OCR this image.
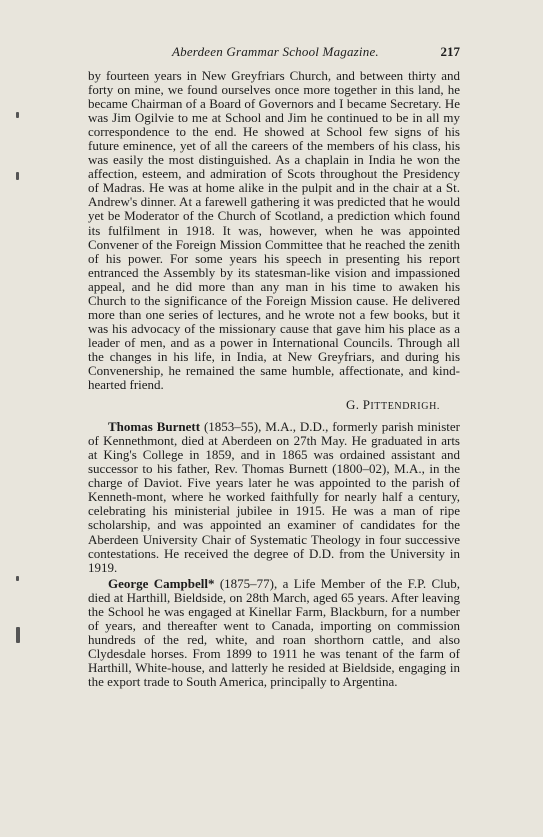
Aberdeen Grammar School Magazine.	217

by fourteen years in New Greyfriars Church, and between thirty and forty on mine, we found ourselves once more together in this land, he became Chairman of a Board of Governors and I became Secretary. He was Jim Ogilvie to me at School and Jim he continued to be in all my correspondence to the end. He showed at School few signs of his future eminence, yet of all the careers of the members of his class, his was easily the most distinguished. As a chaplain in India he won the affection, esteem, and admiration of Scots throughout the Presidency of Madras. He was at home alike in the pulpit and in the chair at a St. Andrew's dinner. At a farewell gathering it was predicted that he would yet be Moderator of the Church of Scotland, a prediction which found its fulfilment in 1918. It was, however, when he was appointed Convener of the Foreign Mission Committee that he reached the zenith of his power. For some years his speech in presenting his report entranced the Assembly by its statesman-like vision and impassioned appeal, and he did more than any man in his time to awaken his Church to the significance of the Foreign Mission cause. He delivered more than one series of lectures, and he wrote not a few books, but it was his advocacy of the missionary cause that gave him his place as a leader of men, and as a power in International Councils. Through all the changes in his life, in India, at New Greyfriars, and during his Convenership, he remained the same humble, affectionate, and kind-hearted friend.

G. PITTENDRIGH.

Thomas Burnett (1853–55), M.A., D.D., formerly parish minister of Kennethmont, died at Aberdeen on 27th May. He graduated in arts at King's College in 1859, and in 1865 was ordained assistant and successor to his father, Rev. Thomas Burnett (1800–02), M.A., in the charge of Daviot. Five years later he was appointed to the parish of Kenneth-mont, where he worked faithfully for nearly half a century, celebrating his ministerial jubilee in 1915. He was a man of ripe scholarship, and was appointed an examiner of candidates for the Aberdeen University Chair of Systematic Theology in four successive contestations. He received the degree of D.D. from the University in 1919.

George Campbell* (1875–77), a Life Member of the F.P. Club, died at Harthill, Bieldside, on 28th March, aged 65 years. After leaving the School he was engaged at Kinellar Farm, Blackburn, for a number of years, and thereafter went to Canada, importing on commission hundreds of the red, white, and roan shorthorn cattle, and also Clydesdale horses. From 1899 to 1911 he was tenant of the farm of Harthill, White-house, and latterly he resided at Bieldside, engaging in the export trade to South America, principally to Argentina.
